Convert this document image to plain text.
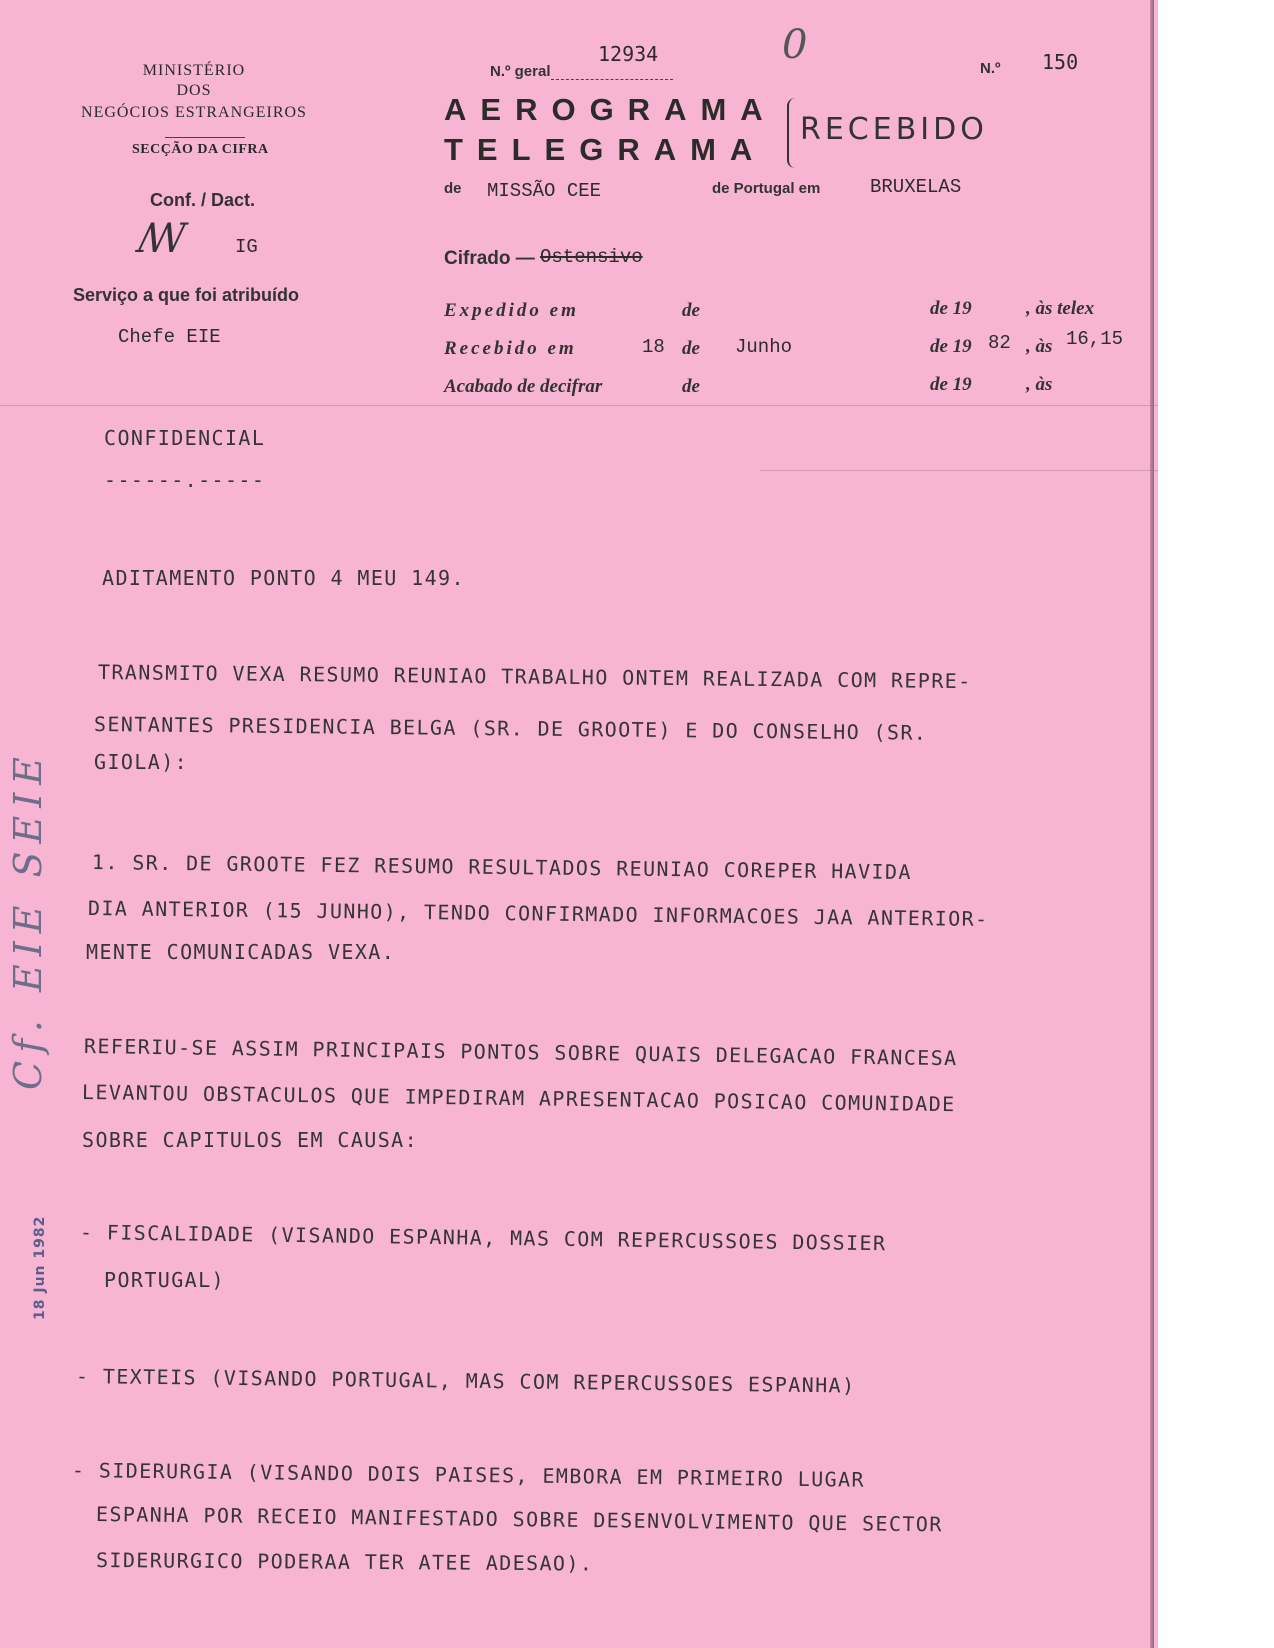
MINISTÉRIO
DOS
NEGÓCIOS ESTRANGEIROS
SECÇÃO DA CIFRA
Conf. / Dact.
ꟿ	IG
Serviço a que foi atribuído
Chefe EIE
N.º geral
12934	0
N.º 150
AEROGRAMA
TELEGRAMA
RECEBIDO
de MISSÃO CEE	de Portugal em	BRUXELAS
Cifrado — Ostensivo
Expedido em	de	de 19	, às telex
Recebido em	18 de Junho	de 19 82 , às 16,15
Acabado de decifrar	de	de 19	, às
CONFIDENCIAL
------.-----
ADITAMENTO PONTO 4 MEU 149.
TRANSMITO VEXA RESUMO REUNIAO TRABALHO ONTEM REALIZADA COM REPRE-
SENTANTES PRESIDENCIA BELGA (SR. DE GROOTE) E DO CONSELHO (SR.
GIOLA):
1. SR. DE GROOTE FEZ RESUMO RESULTADOS REUNIAO COREPER HAVIDA
DIA ANTERIOR (15 JUNHO), TENDO CONFIRMADO INFORMACOES JAA ANTERIOR-
MENTE COMUNICADAS VEXA.
REFERIU-SE ASSIM PRINCIPAIS PONTOS SOBRE QUAIS DELEGACAO FRANCESA
LEVANTOU OBSTACULOS QUE IMPEDIRAM APRESENTACAO POSICAO COMUNIDADE
SOBRE CAPITULOS EM CAUSA:
- FISCALIDADE (VISANDO ESPANHA, MAS COM REPERCUSSOES DOSSIER
PORTUGAL)
- TEXTEIS (VISANDO PORTUGAL, MAS COM REPERCUSSOES ESPANHA)
- SIDERURGIA (VISANDO DOIS PAISES, EMBORA EM PRIMEIRO LUGAR
ESPANHA POR RECEIO MANIFESTADO SOBRE DESENVOLVIMENTO QUE SECTOR
SIDERURGICO PODERAA TER ATEE ADESAO).
Cf. EIE SEIE
18 Jun 1982
